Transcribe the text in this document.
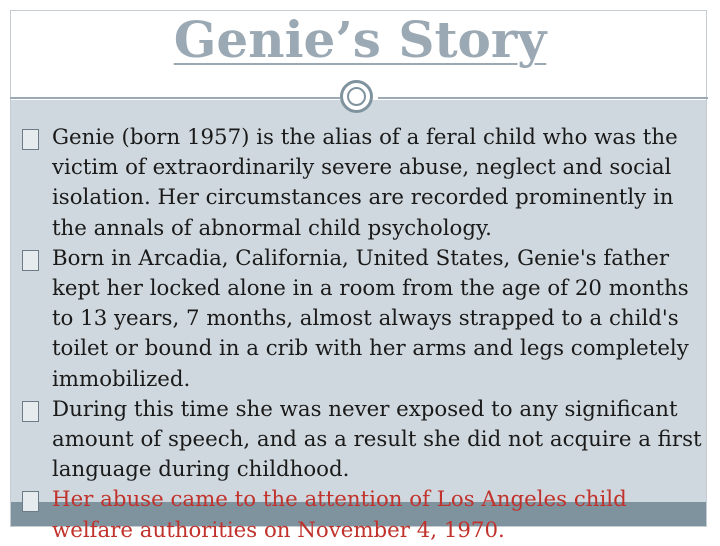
Genie’s Story
Genie (born 1957) is the alias of a feral child who was the victim of extraordinarily severe abuse, neglect and social isolation. Her circumstances are recorded prominently in the annals of abnormal child psychology.
Born in Arcadia, California, United States, Genie's father kept her locked alone in a room from the age of 20 months to 13 years, 7 months, almost always strapped to a child's toilet or bound in a crib with her arms and legs completely immobilized.
During this time she was never exposed to any significant amount of speech, and as a result she did not acquire a first language during childhood.
Her abuse came to the attention of Los Angeles child welfare authorities on November 4, 1970.
